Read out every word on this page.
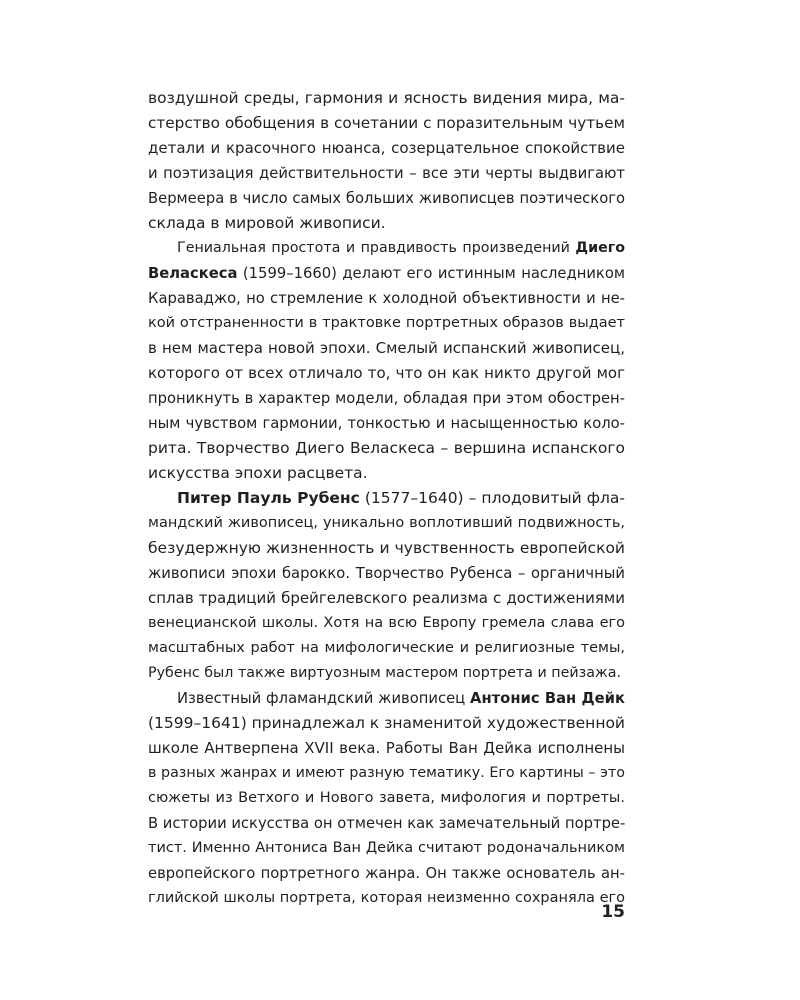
воздушной среды, гармония и ясность видения мира, ма-
стерство обобщения в сочетании с поразительным чутьем
детали и красочного нюанса, созерцательное спокойствие
и поэтизация действительности – все эти черты выдвигают
Вермеера в число самых больших живописцев поэтического
склада в мировой живописи.
Гениальная простота и правдивость произведений Диего
Веласкеса (1599–1660) делают его истинным наследником
Караваджо, но стремление к холодной объективности и не-
кой отстраненности в трактовке портретных образов выдает
в нем мастера новой эпохи. Смелый испанский живописец,
которого от всех отличало то, что он как никто другой мог
проникнуть в характер модели, обладая при этом обострен-
ным чувством гармонии, тонкостью и насыщенностью коло-
рита. Творчество Диего Веласкеса – вершина испанского
искусства эпохи расцвета.
Питер Пауль Рубенс (1577–1640) – плодовитый фла-
мандский живописец, уникально воплотивший подвижность,
безудержную жизненность и чувственность европейской
живописи эпохи барокко. Творчество Рубенса – органичный
сплав традиций брейгелевского реализма с достижениями
венецианской школы. Хотя на всю Европу гремела слава его
масштабных работ на мифологические и религиозные темы,
Рубенс был также виртуозным мастером портрета и пейзажа.
Известный фламандский живописец Антонис Ван Дейк
(1599–1641) принадлежал к знаменитой художественной
школе Антверпена XVII века. Работы Ван Дейка исполнены
в разных жанрах и имеют разную тематику. Его картины – это
сюжеты из Ветхого и Нового завета, мифология и портреты.
В истории искусства он отмечен как замечательный портре-
тист. Именно Антониса Ван Дейка считают родоначальником
европейского портретного жанра. Он также основатель ан-
глийской школы портрета, которая неизменно сохраняла его
15
